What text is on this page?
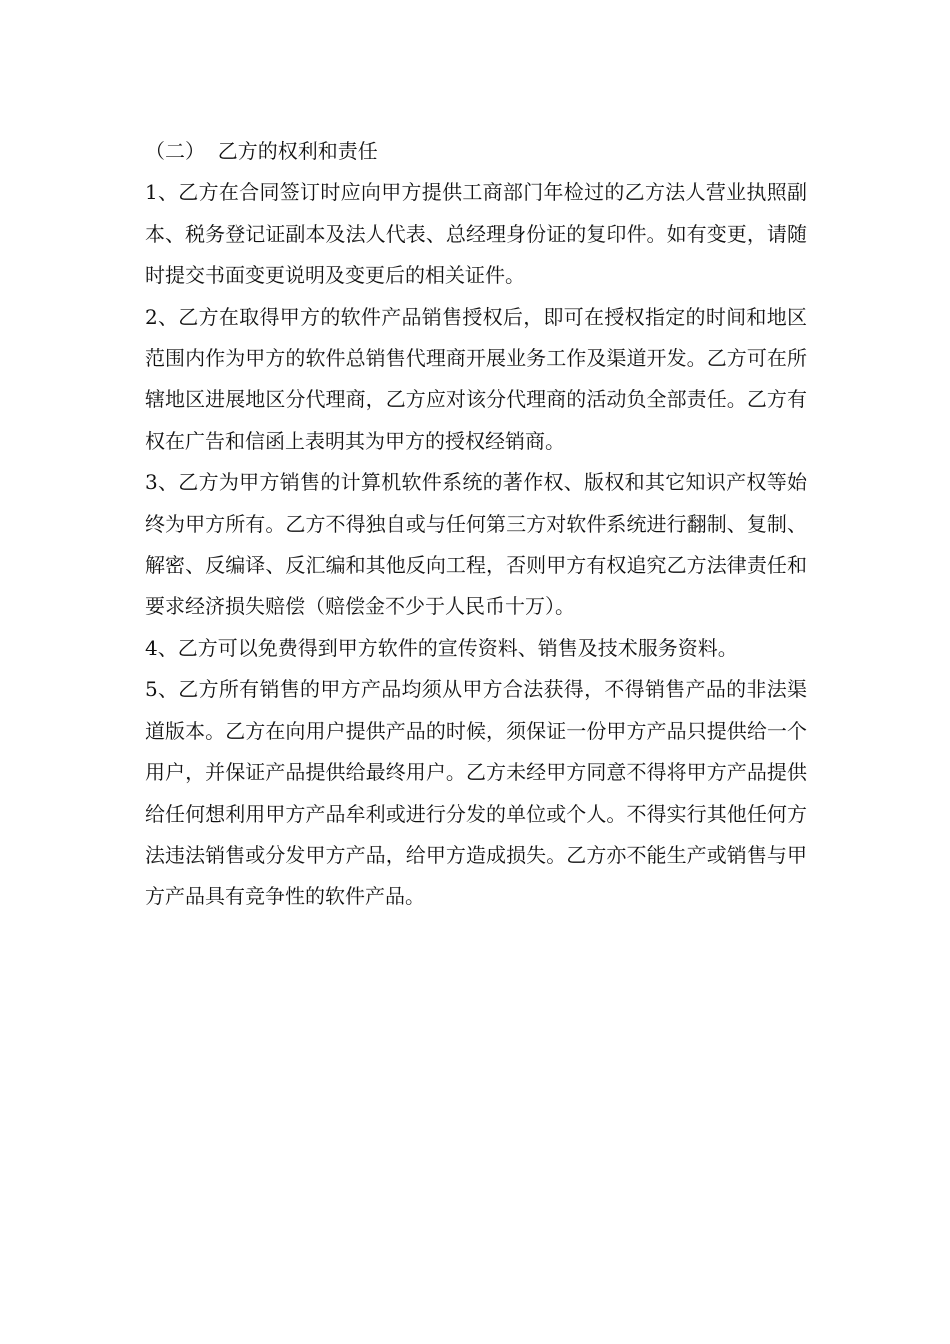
（二）  乙方的权利和责任

1、乙方在合同签订时应向甲方提供工商部门年检过的乙方法人营业执照副本、税务登记证副本及法人代表、总经理身份证的复印件。如有变更，请随时提交书面变更说明及变更后的相关证件。

2、乙方在取得甲方的软件产品销售授权后，即可在授权指定的时间和地区范围内作为甲方的软件总销售代理商开展业务工作及渠道开发。乙方可在所辖地区进展地区分代理商，乙方应对该分代理商的活动负全部责任。乙方有权在广告和信函上表明其为甲方的授权经销商。

3、乙方为甲方销售的计算机软件系统的著作权、版权和其它知识产权等始终为甲方所有。乙方不得独自或与任何第三方对软件系统进行翻制、复制、解密、反编译、反汇编和其他反向工程，否则甲方有权追究乙方法律责任和要求经济损失赔偿（赔偿金不少于人民币十万）。

4、乙方可以免费得到甲方软件的宣传资料、销售及技术服务资料。

5、乙方所有销售的甲方产品均须从甲方合法获得，不得销售产品的非法渠道版本。乙方在向用户提供产品的时候，须保证一份甲方产品只提供给一个用户，并保证产品提供给最终用户。乙方未经甲方同意不得将甲方产品提供给任何想利用甲方产品牟利或进行分发的单位或个人。不得实行其他任何方法违法销售或分发甲方产品，给甲方造成损失。乙方亦不能生产或销售与甲方产品具有竞争性的软件产品。
